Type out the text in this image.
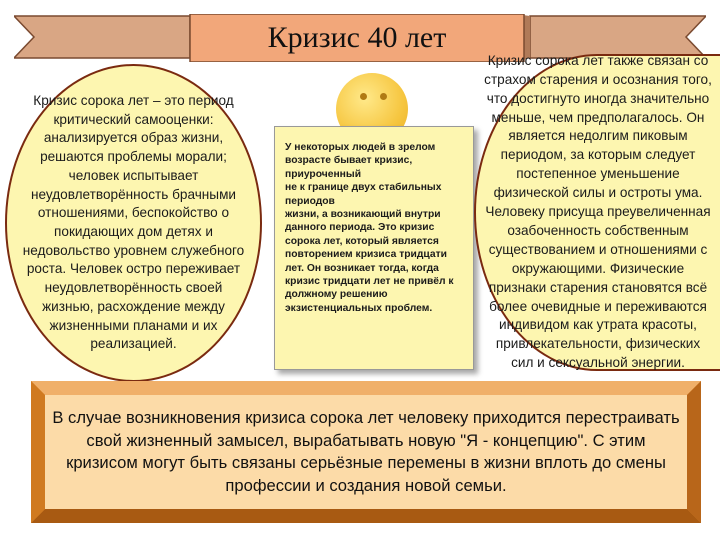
Кризис 40 лет
Кризис сорока лет – это период критический самооценки: анализируется образ жизни, решаются проблемы морали; человек испытывает неудовлетворённость брачными отношениями, беспокойство о покидающих дом детях и недовольство уровнем служебного роста. Человек остро переживает неудовлетворённость своей жизнью, расхождение между жизненными планами и их реализацией.
У некоторых людей в зрелом возрасте бывает кризис, приуроченный
не к границе двух стабильных периодов
жизни, а возникающий внутри данного периода. Это кризис сорока лет, который является повторением кризиса тридцати лет. Он возникает тогда, когда кризис тридцати лет не привёл к должному решению экзистенциальных проблем.
Кризис сорока лет также связан со страхом старения и осознания того, что достигнуто иногда значительно меньше, чем предполагалось. Он является недолгим пиковым периодом, за которым следует постепенное уменьшение физической силы и остроты ума. Человеку присуща преувеличенная озабоченность собственным существованием и отношениями с окружающими. Физические признаки старения становятся всё более очевидные и переживаются индивидом как утрата красоты, привлекательности, физических сил и сексуальной энергии.
В случае возникновения кризиса сорока лет человеку приходится перестраивать свой жизненный замысел, вырабатывать новую "Я - концепцию". С этим кризисом могут быть связаны серьёзные перемены в жизни вплоть до смены профессии и создания новой семьи.
